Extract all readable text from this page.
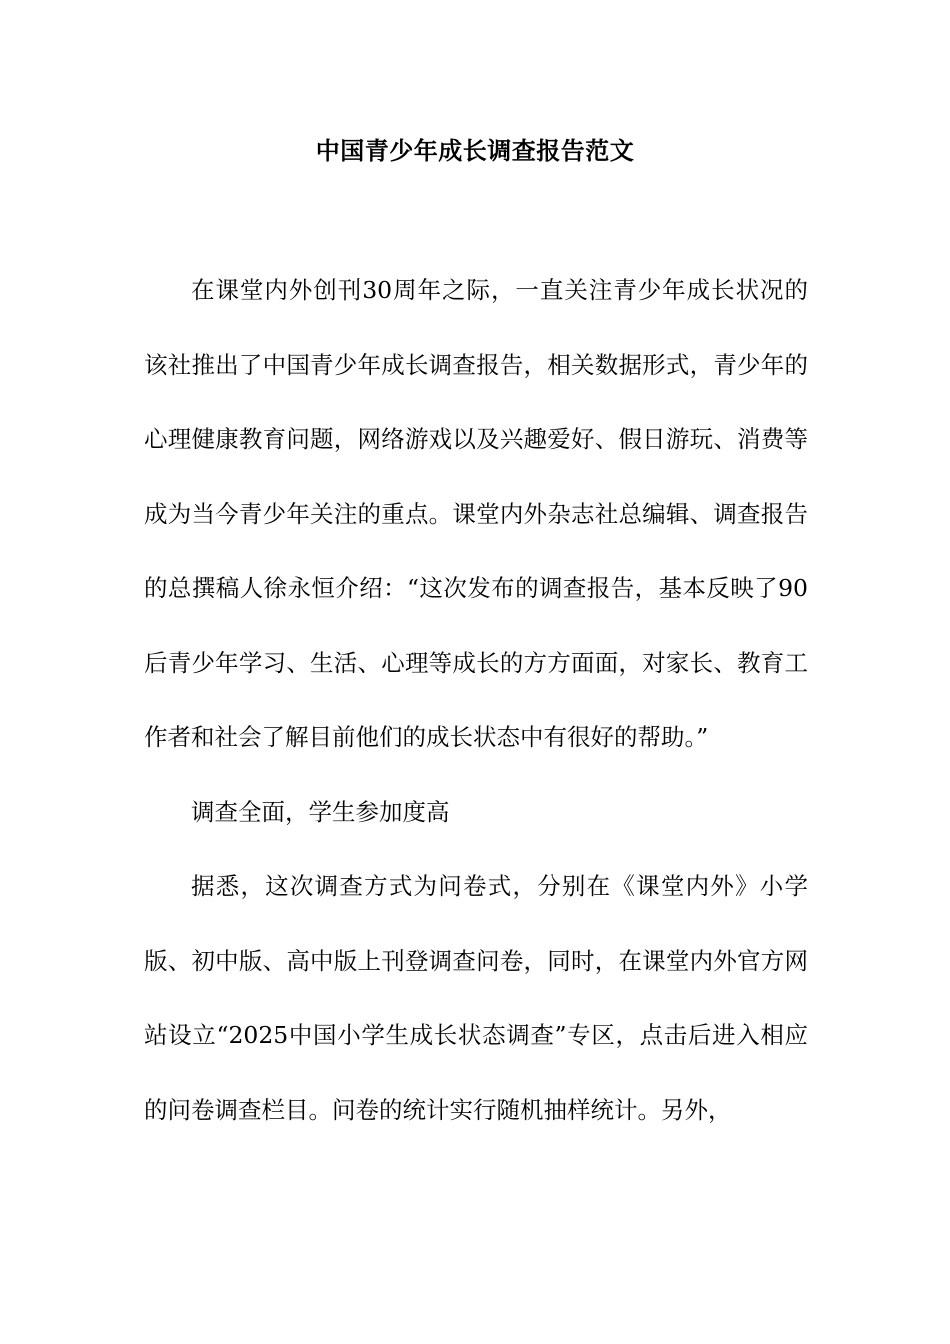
中国青少年成长调查报告范文

在课堂内外创刊30周年之际，一直关注青少年成长状况的该社推出了中国青少年成长调查报告，相关数据形式，青少年的心理健康教育问题，网络游戏以及兴趣爱好、假日游玩、消费等成为当今青少年关注的重点。课堂内外杂志社总编辑、调查报告的总撰稿人徐永恒介绍：“这次发布的调查报告，基本反映了90后青少年学习、生活、心理等成长的方方面面，对家长、教育工作者和社会了解目前他们的成长状态中有很好的帮助。”

调查全面，学生参加度高

据悉，这次调查方式为问卷式，分别在《课堂内外》小学版、初中版、高中版上刊登调查问卷，同时，在课堂内外官方网站设立“2025中国小学生成长状态调查”专区，点击后进入相应的问卷调查栏目。问卷的统计实行随机抽样统计。另外，
